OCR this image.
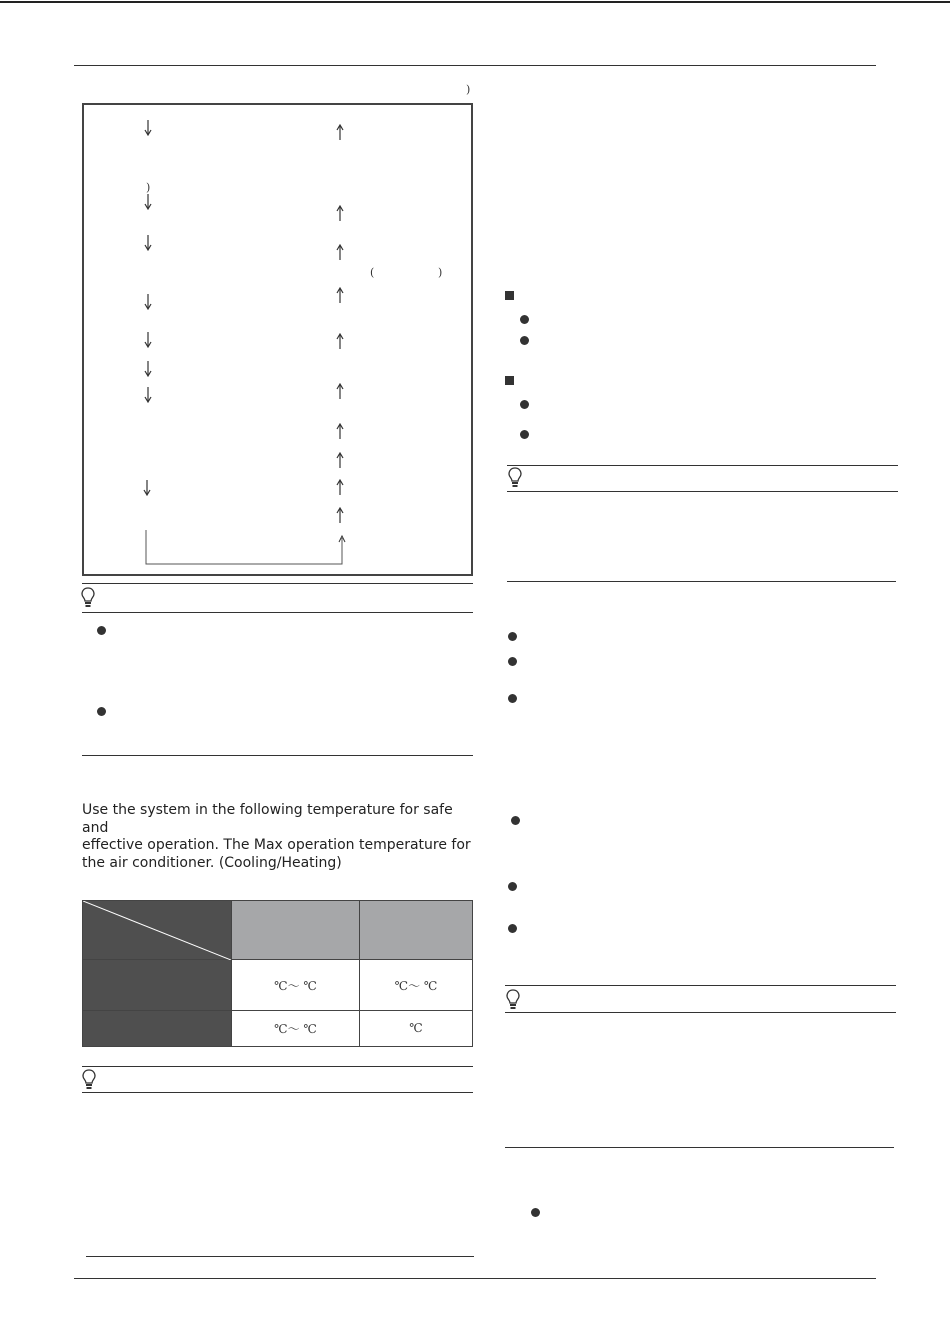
)
)
(	)
Use the system in the following temperature for safe and
effective operation. The Max operation temperature for the air conditioner. (Cooling/Heating)

	℃～ ℃	℃～ ℃
	℃～ ℃	℃
